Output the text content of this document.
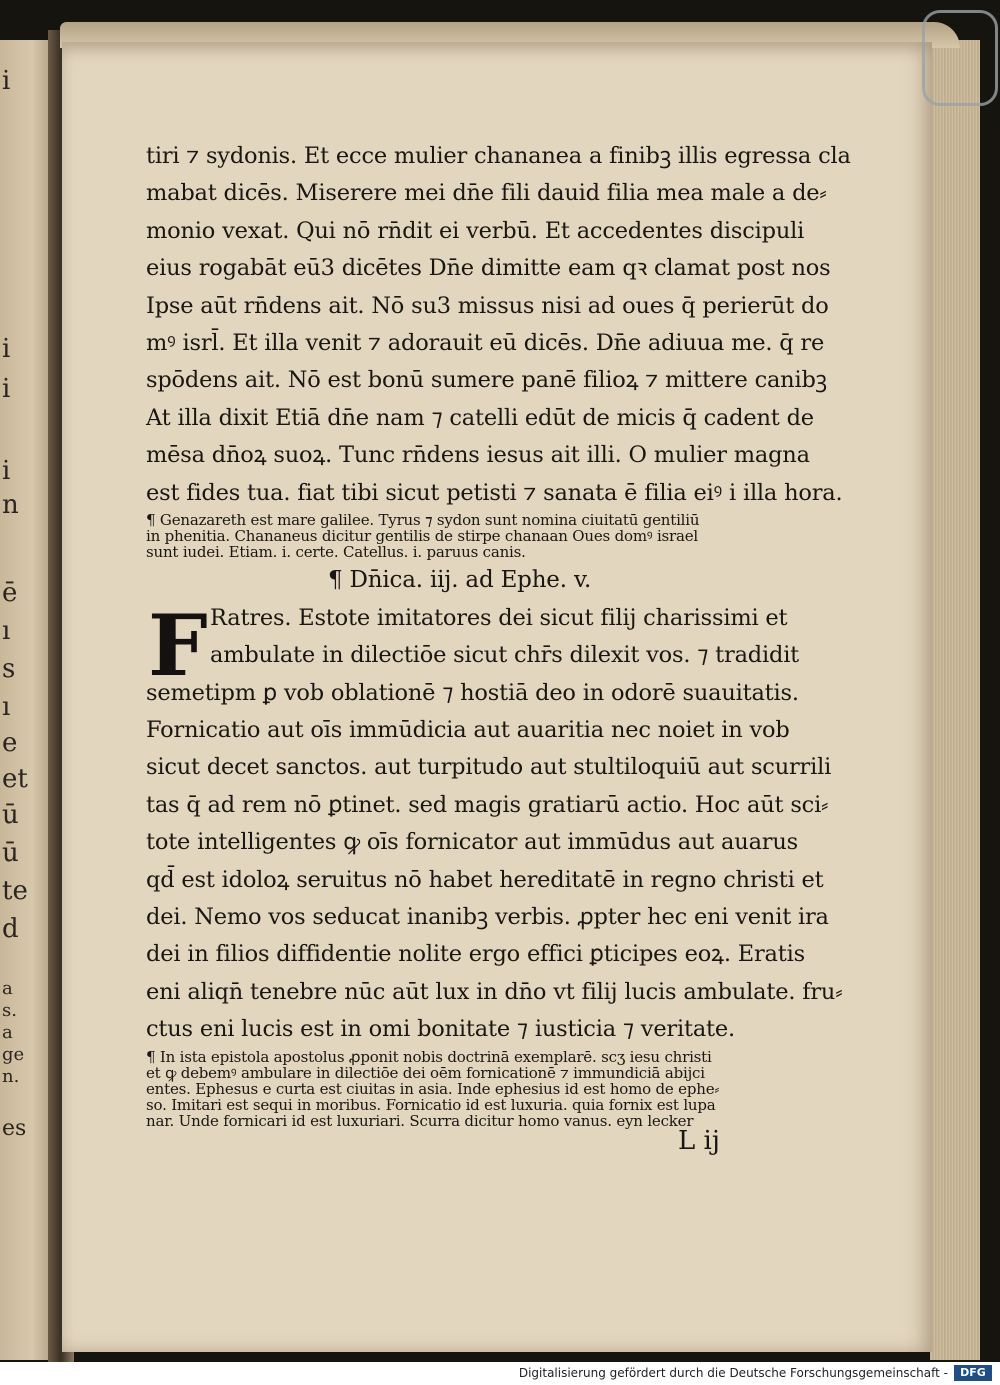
i
i
i
i
n
ē
ı
s
ı
e
et
ū
ū
te
d
a
s.
a
ge
n.
es
tiri ⁊ sydonis. Et ecce mulier chananea a finibꝫ illis egressa cla
mabat dicēs. Miserere mei dn̄e fili dauid filia mea male a de⸗
monio vexat. Qui nō rn̄dit ei verbū. Et accedentes discipuli
eius rogabāt eū3 dicētes Dn̄e dimitte eam qꝛ clamat post nos
Ipse aūt rn̄dens ait. Nō su3 missus nisi ad oues q̄ perierūt do
mꝰ isrl̄. Et illa venit ⁊ adorauit eū dicēs. Dn̄e adiuua me. q̄ re
spōdens ait. Nō est bonū sumere panē filioꝝ ⁊ mittere canibꝫ
At illa dixit Etiā dn̄e nam ⁊ catelli edūt de micis q̄ cadent de
mēsa dn̄oꝝ suoꝝ. Tunc rn̄dens iesus ait illi. O mulier magna
est fides tua. fiat tibi sicut petisti ⁊ sanata ē filia eiꝰ i illa hora.
¶ Genazareth est mare galilee. Tyrus ⁊ sydon sunt nomina ciuitatū gentiliū
in phenitia. Chananeus dicitur gentilis de stirpe chanaan Oues domꝰ israel
sunt iudei. Etiam. i. certe. Catellus. i. paruus canis.
¶ Dn̄ica. iij. ad Ephe. v.
F Ratres. Estote imitatores dei sicut filij charissimi et
ambulate in dilectiōe sicut chr̄s dilexit vos. ⁊ tradidit
semetipm ꝑ vob oblationē ⁊ hostiā deo in odorē suauitatis.
Fornicatio aut oīs immūdicia aut auaritia nec noiet in vob
sicut decet sanctos. aut turpitudo aut stultiloquiū aut scurrili
tas q̄ ad rem nō ꝑtinet. sed magis gratiarū actio. Hoc aūt sci⸗
tote intelligentes ꝙ oīs fornicator aut immūdus aut auarus
qd̄ est idoloꝝ seruitus nō habet hereditatē in regno christi et
dei. Nemo vos seducat inanibꝫ verbis. ꝓpter hec eni venit ira
dei in filios diffidentie nolite ergo effici ꝑticipes eoꝝ. Eratis
eni aliqn̄ tenebre nūc aūt lux in dn̄o vt filij lucis ambulate. fru⸗
ctus eni lucis est in omi bonitate ⁊ iusticia ⁊ veritate.
¶ In ista epistola apostolus ꝓponit nobis doctrinā exemplarē. scʒ iesu christi
et ꝙ debemꝰ ambulare in dilectiōe dei oēm fornicationē ⁊ immundiciā abijci
entes. Ephesus e curta est ciuitas in asia. Inde ephesius id est homo de ephe⸗
so. Imitari est sequi in moribus. Fornicatio id est luxuria. quia fornix est lupa
nar. Unde fornicari id est luxuriari. Scurra dicitur homo vanus. eyn lecker
L ij
Digitalisierung gefördert durch die Deutsche Forschungsgemeinschaft -	DFG
